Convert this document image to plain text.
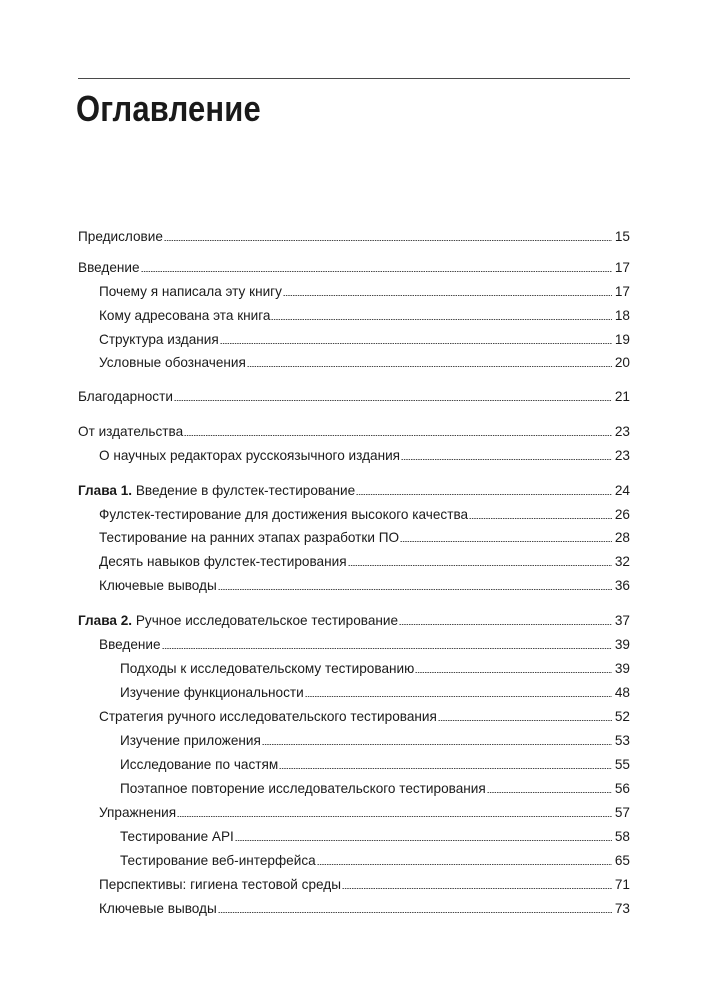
Оглавление
Предисловие	15
Введение	17
Почему я написала эту книгу	17
Кому адресована эта книга	18
Структура издания	19
Условные обозначения	20
Благодарности	21
От издательства	23
О научных редакторах русскоязычного издания	23
Глава 1. Введение в фулстек-тестирование	24
Фулстек-тестирование для достижения высокого качества	26
Тестирование на ранних этапах разработки ПО	28
Десять навыков фулстек-тестирования	32
Ключевые выводы	36
Глава 2. Ручное исследовательское тестирование	37
Введение	39
Подходы к исследовательскому тестированию	39
Изучение функциональности	48
Стратегия ручного исследовательского тестирования	52
Изучение приложения	53
Исследование по частям	55
Поэтапное повторение исследовательского тестирования	56
Упражнения	57
Тестирование API	58
Тестирование веб-интерфейса	65
Перспективы: гигиена тестовой среды	71
Ключевые выводы	73
